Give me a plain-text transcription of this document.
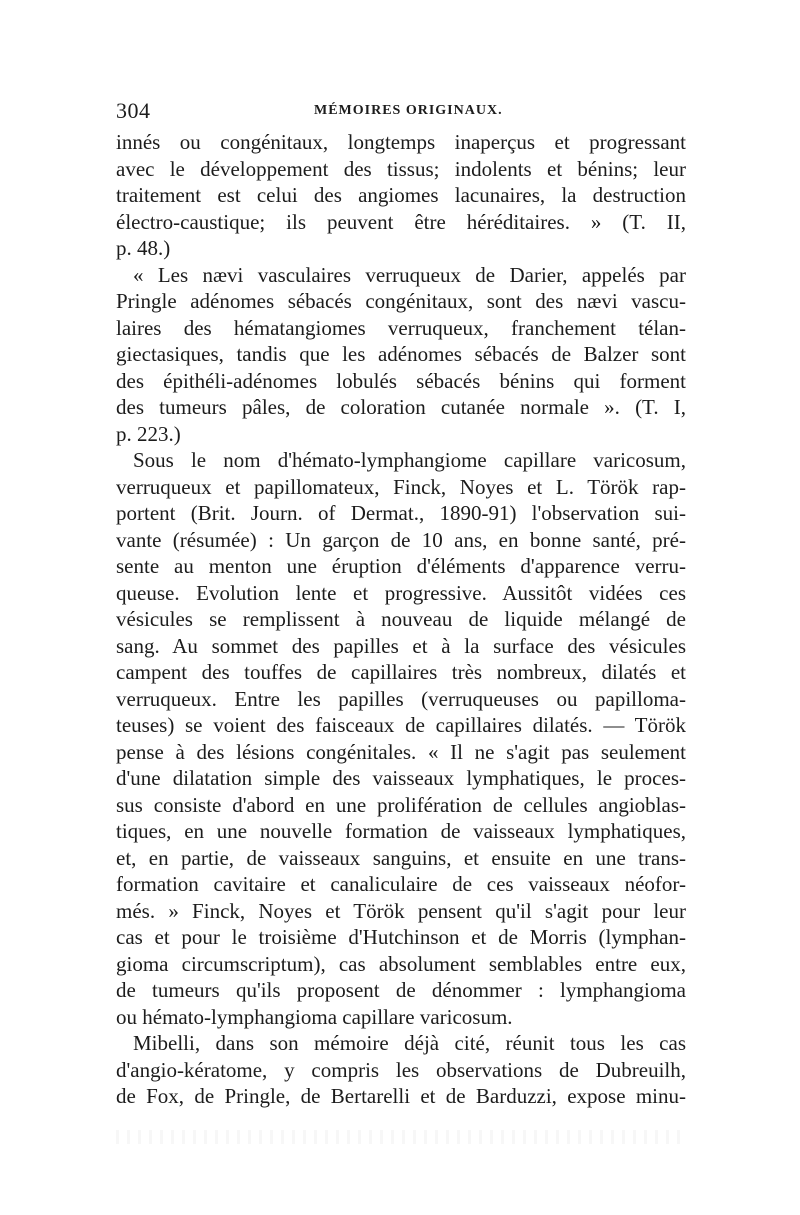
304	MÉMOIRES ORIGINAUX.
innés ou congénitaux, longtemps inaperçus et progressant
avec le développement des tissus; indolents et bénins; leur
traitement est celui des angiomes lacunaires, la destruction
électro-caustique; ils peuvent être héréditaires. » (T. II,
p. 48.)
« Les nævi vasculaires verruqueux de Darier, appelés par
Pringle adénomes sébacés congénitaux, sont des nævi vascu-
laires des hématangiomes verruqueux, franchement télan-
giectasiques, tandis que les adénomes sébacés de Balzer sont
des épithéli-adénomes lobulés sébacés bénins qui forment
des tumeurs pâles, de coloration cutanée normale ». (T. I,
p. 223.)
Sous le nom d'hémato-lymphangiome capillare varicosum,
verruqueux et papillomateux, Finck, Noyes et L. Török rap-
portent (Brit. Journ. of Dermat., 1890-91) l'observation sui-
vante (résumée) : Un garçon de 10 ans, en bonne santé, pré-
sente au menton une éruption d'éléments d'apparence verru-
queuse. Evolution lente et progressive. Aussitôt vidées ces
vésicules se remplissent à nouveau de liquide mélangé de
sang. Au sommet des papilles et à la surface des vésicules
campent des touffes de capillaires très nombreux, dilatés et
verruqueux. Entre les papilles (verruqueuses ou papilloma-
teuses) se voient des faisceaux de capillaires dilatés. — Török
pense à des lésions congénitales. « Il ne s'agit pas seulement
d'une dilatation simple des vaisseaux lymphatiques, le proces-
sus consiste d'abord en une prolifération de cellules angioblas-
tiques, en une nouvelle formation de vaisseaux lymphatiques,
et, en partie, de vaisseaux sanguins, et ensuite en une trans-
formation cavitaire et canaliculaire de ces vaisseaux néofor-
més. » Finck, Noyes et Török pensent qu'il s'agit pour leur
cas et pour le troisième d'Hutchinson et de Morris (lymphan-
gioma circumscriptum), cas absolument semblables entre eux,
de tumeurs qu'ils proposent de dénommer : lymphangioma
ou hémato-lymphangioma capillare varicosum.
Mibelli, dans son mémoire déjà cité, réunit tous les cas
d'angio-kératome, y compris les observations de Dubreuilh,
de Fox, de Pringle, de Bertarelli et de Barduzzi, expose minu-
